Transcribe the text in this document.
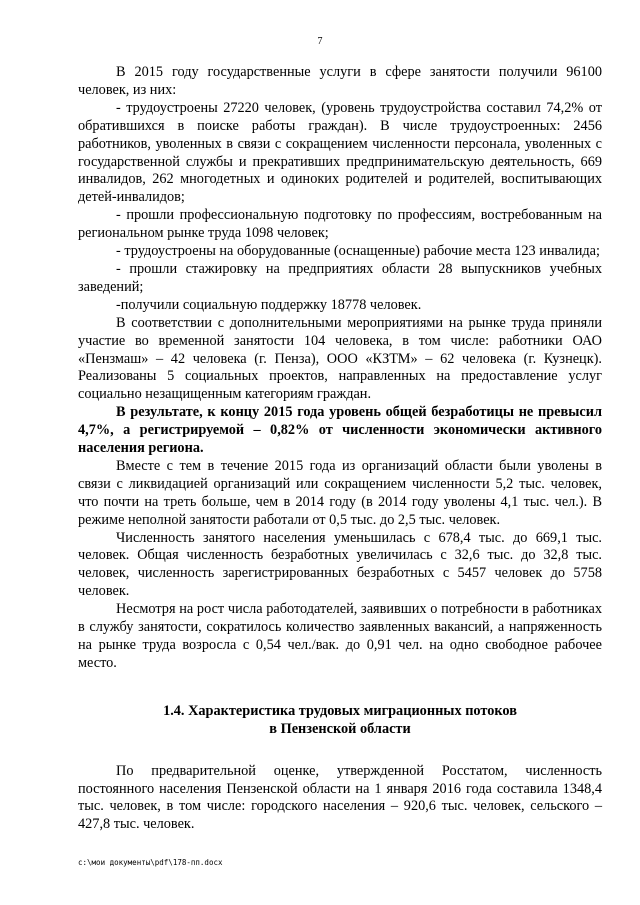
7

В 2015 году государственные услуги в сфере занятости получили 96100 человек, из них:

- трудоустроены 27220 человек, (уровень трудоустройства составил 74,2% от обратившихся в поиске работы граждан). В числе трудоустроенных: 2456 работников, уволенных в связи с сокращением численности персонала, уволенных с государственной службы и прекративших предпринимательскую деятельность, 669 инвалидов, 262 многодетных и одиноких родителей и родителей, воспитывающих детей-инвалидов;

- прошли профессиональную подготовку по профессиям, востребованным на региональном рынке труда 1098 человек;

- трудоустроены на оборудованные (оснащенные) рабочие места 123 инвалида;

- прошли стажировку на предприятиях области 28 выпускников учебных заведений;

-получили социальную поддержку 18778 человек.

В соответствии с дополнительными мероприятиями на рынке труда приняли участие во временной занятости 104 человека, в том числе: работники ОАО «Пензмаш» – 42 человека (г. Пенза), ООО «КЗТМ» – 62 человека (г. Кузнецк). Реализованы 5 социальных проектов, направленных на предоставление услуг социально незащищенным категориям граждан.

В результате, к концу 2015 года уровень общей безработицы не превысил 4,7%, а регистрируемой – 0,82% от численности экономически активного населения региона.

Вместе с тем в течение 2015 года из организаций области были уволены в связи с ликвидацией организаций или сокращением численности 5,2 тыс. человек, что почти на треть больше, чем в 2014 году (в 2014 году уволены 4,1 тыс. чел.). В режиме неполной занятости работали от 0,5 тыс. до 2,5 тыс. человек.

Численность занятого населения уменьшилась с 678,4 тыс. до 669,1 тыс. человек. Общая численность безработных увеличилась с 32,6 тыс. до 32,8 тыс. человек, численность зарегистрированных безработных с 5457 человек до 5758 человек.

Несмотря на рост числа работодателей, заявивших о потребности в работниках в службу занятости, сократилось количество заявленных вакансий, а напряженность на рынке труда возросла с 0,54 чел./вак. до 0,91 чел. на одно свободное рабочее место.

1.4. Характеристика трудовых миграционных потоков
в Пензенской области

По предварительной оценке, утвержденной Росстатом, численность постоянного населения Пензенской области на 1 января 2016 года составила 1348,4 тыс. человек, в том числе: городского населения – 920,6 тыс. человек, сельского – 427,8 тыс. человек.

c:\мои документы\pdf\178-пп.docx
